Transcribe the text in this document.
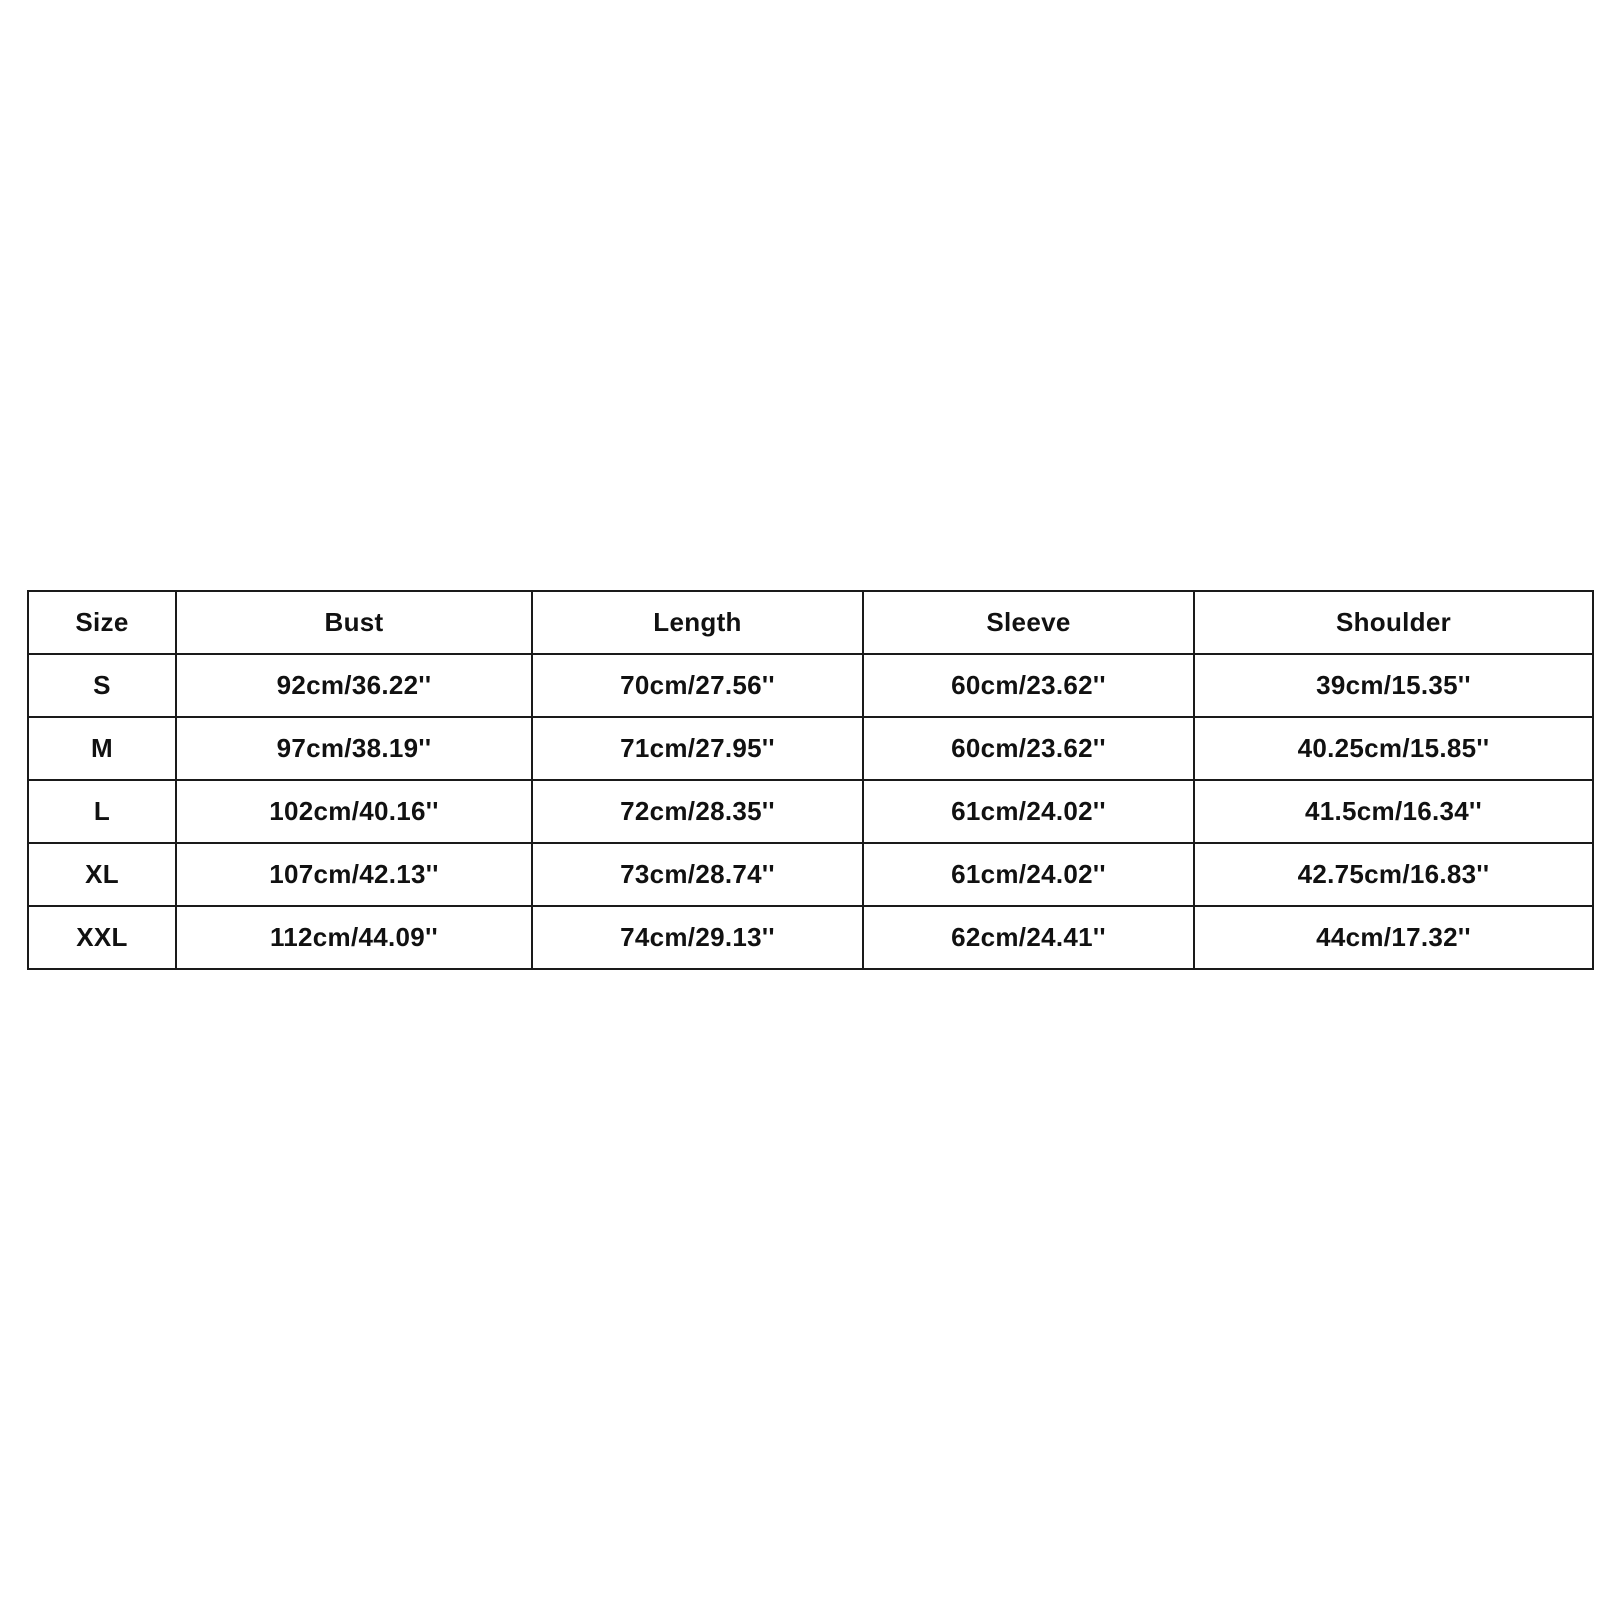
Size	Bust	Length	Sleeve	Shoulder
S	92cm/36.22''	70cm/27.56''	60cm/23.62''	39cm/15.35''
M	97cm/38.19''	71cm/27.95''	60cm/23.62''	40.25cm/15.85''
L	102cm/40.16''	72cm/28.35''	61cm/24.02''	41.5cm/16.34''
XL	107cm/42.13''	73cm/28.74''	61cm/24.02''	42.75cm/16.83''
XXL	112cm/44.09''	74cm/29.13''	62cm/24.41''	44cm/17.32''
